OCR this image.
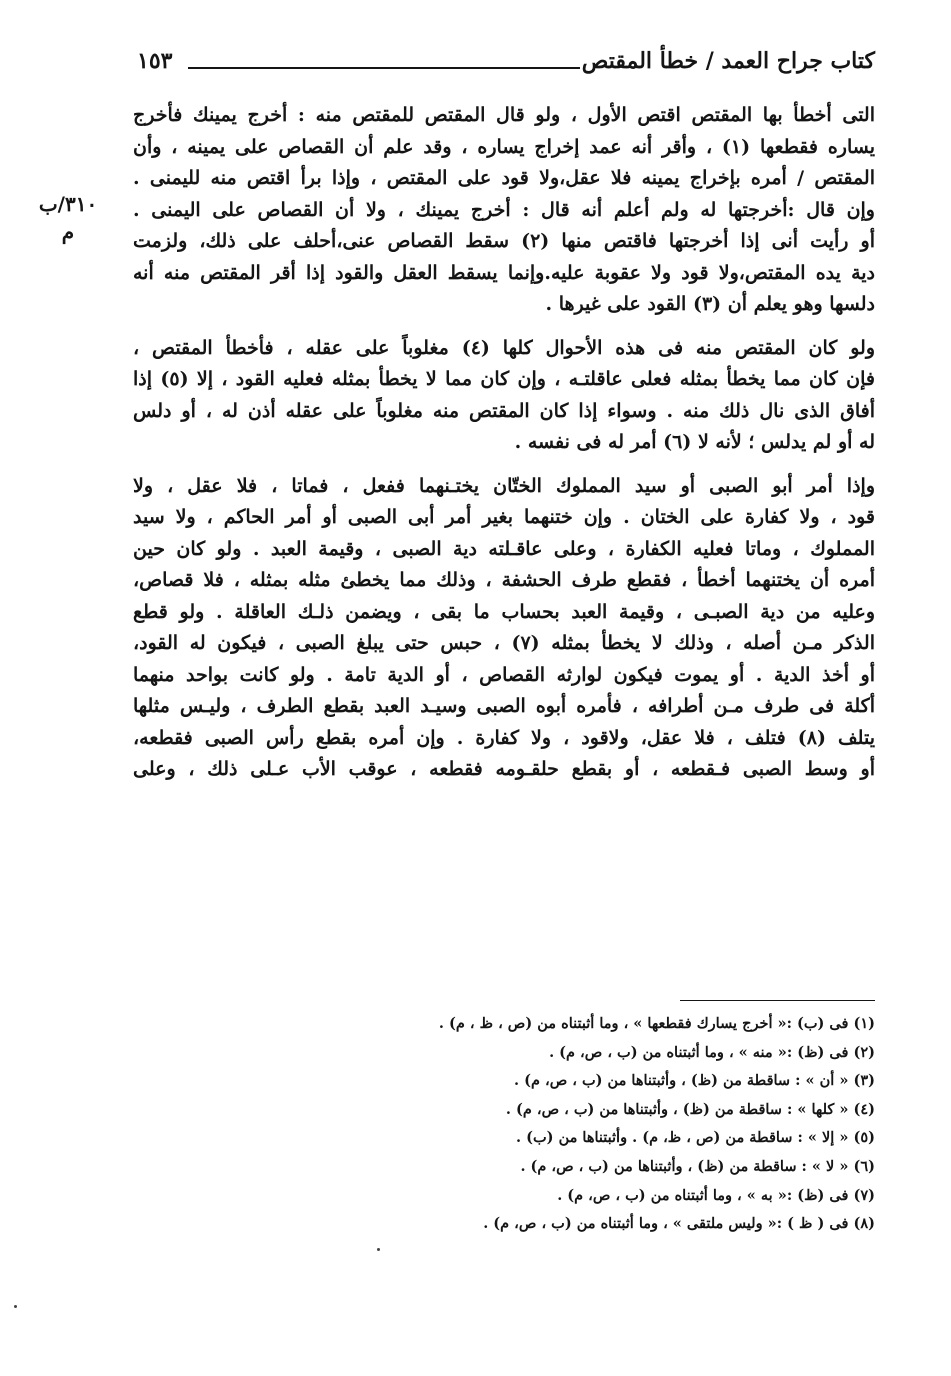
كتاب جراح العمد / خطأ المقتص
١٥٣
٣١٠/ب
م
التى أخطأ بها المقتص اقتص الأول ، ولو قال المقتص للمقتص منه : أخرج يمينك فأخرج
يساره فقطعها (١) ، وأقر أنه عمد إخراج يساره ، وقد علم أن القصاص على يمينه ، وأن
المقتص / أمره بإخراج يمينه فلا عقل،ولا قود على المقتص ، وإذا برأ اقتص منه لليمنى .
وإن قال :أخرجتها له ولم أعلم أنه قال : أخرج يمينك ، ولا أن القصاص على اليمنى .
أو رأيت أنى إذا أخرجتها فاقتص منها (٢) سقط القصاص عنى،أحلف على ذلك، ولزمت
دية يده المقتص،ولا قود ولا عقوبة عليه.وإنما يسقط العقل والقود إذا أقر المقتص منه أنه
دلسها وهو يعلم أن (٣) القود على غيرها .
ولو كان المقتص منه فى هذه الأحوال كلها (٤) مغلوباً على عقله ، فأخطأ المقتص ،
فإن كان مما يخطأ بمثله فعلى عاقلتـه ، وإن كان مما لا يخطأ بمثله فعليه القود ، إلا (٥) إذا
أفاق الذى نال ذلك منه . وسواء إذا كان المقتص منه مغلوباً على عقله أذن له ، أو دلس
له أو لم يدلس ؛ لأنه لا (٦) أمر له فى نفسه .
وإذا أمر أبو الصبى أو سيد المملوك الختّان يختـنهما ففعل ، فماتا ، فلا عقل ، ولا
قود ، ولا كفارة على الختان . وإن ختنهما بغير أمر أبى الصبى أو أمر الحاكم ، ولا سيد
المملوك ، وماتا فعليه الكفارة ، وعلى عاقـلته دية الصبى ، وقيمة العبد . ولو كان حين
أمره أن يختنهما أخطأ ، فقطع طرف الحشفة ، وذلك مما يخطئ مثله بمثله ، فلا قصاص،
وعليه من دية الصبـى ، وقيمة العبد بحساب ما بقى ، ويضمن ذلـك العاقلة . ولو قطع
الذكر مـن أصله ، وذلك لا يخطأ بمثله (٧) ، حبس حتى يبلغ الصبى ، فيكون له القود،
أو أخذ الدية . أو يموت فيكون لوارثه القصاص ، أو الدية تامة . ولو كانت بواحد منهما
أكلة فى طرف مـن أطرافه ، فأمره أبوه الصبى وسيـد العبد بقطع الطرف ، وليـس مثلها
يتلف (٨) فتلف ، فلا عقل، ولاقود ، ولا كفارة . وإن أمره بقطع رأس الصبى فقطعه،
أو وسط الصبى فـقطعه ، أو بقطع حلقـومه فقطعه ، عوقب الأب عـلى ذلك ، وعلى
(١) فى (ب) :« أخرج يسارك فقطعها » ، وما أثبتناه من (ص ، ظ ، م) .
(٢) فى (ظ) :« منه » ، وما أثبتناه من (ب ، ص، م) .
(٣) « أن » : ساقطة من (ظ) ، وأثبتناها من (ب ، ص، م) .
(٤) « كلها » : ساقطة من (ظ) ، وأثبتناها من (ب ، ص، م) .
(٥) « إلا » : ساقطة من (ص ، ظ، م) . وأثبتناها من (ب) .
(٦) « لا » : ساقطة من (ظ) ، وأثبتناها من (ب ، ص، م) .
(٧) فى (ظ) :« به » ، وما أثبتناه من (ب ، ص، م) .
(٨) فى ( ظ ) :« وليس ملتقى » ، وما أثبتناه من (ب ، ص، م) .
